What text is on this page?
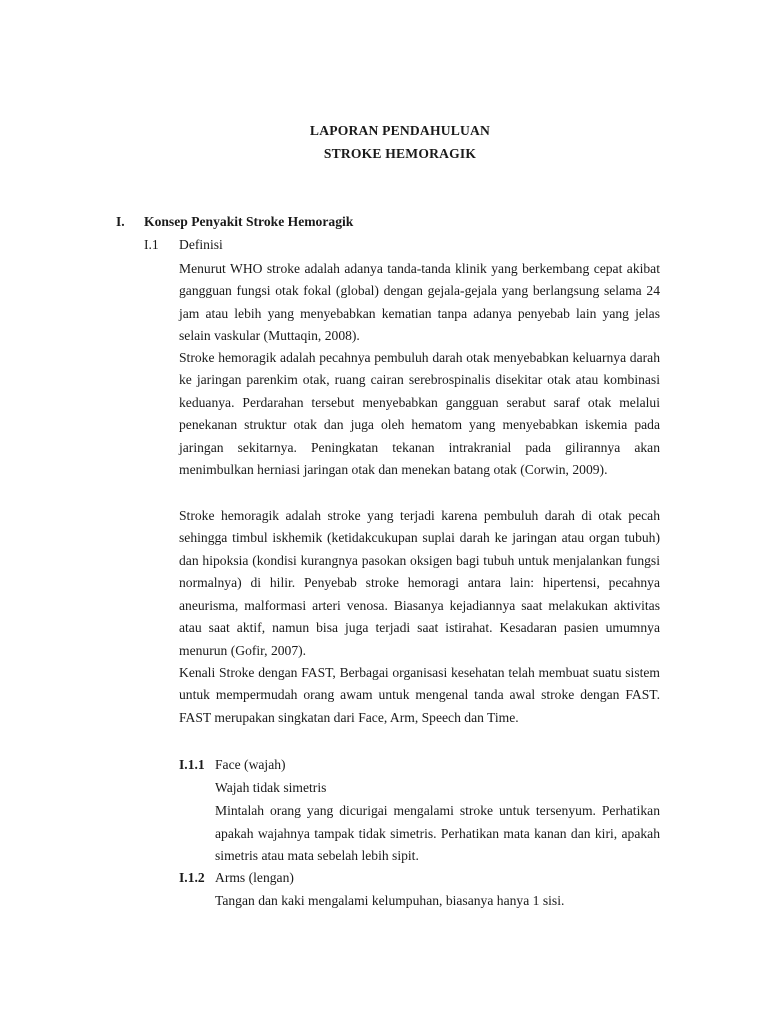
LAPORAN PENDAHULUAN
STROKE HEMORAGIK
I. Konsep Penyakit Stroke Hemoragik
I.1 Definisi
Menurut WHO stroke adalah adanya tanda-tanda klinik yang berkembang cepat akibat gangguan fungsi otak fokal (global) dengan gejala-gejala yang berlangsung selama 24 jam atau lebih yang menyebabkan kematian tanpa adanya penyebab lain yang jelas selain vaskular (Muttaqin, 2008).
Stroke hemoragik adalah pecahnya pembuluh darah otak menyebabkan keluarnya darah ke jaringan parenkim otak, ruang cairan serebrospinalis disekitar otak atau kombinasi keduanya. Perdarahan tersebut menyebabkan gangguan serabut saraf otak melalui penekanan struktur otak dan juga oleh hematom yang menyebabkan iskemia pada jaringan sekitarnya. Peningkatan tekanan intrakranial pada gilirannya akan menimbulkan herniasi jaringan otak dan menekan batang otak (Corwin, 2009).
Stroke hemoragik adalah stroke yang terjadi karena pembuluh darah di otak pecah sehingga timbul iskhemik (ketidakcukupan suplai darah ke jaringan atau organ tubuh) dan hipoksia (kondisi kurangnya pasokan oksigen bagi tubuh untuk menjalankan fungsi normalnya) di hilir. Penyebab stroke hemoragi antara lain: hipertensi, pecahnya aneurisma, malformasi arteri venosa. Biasanya kejadiannya saat melakukan aktivitas atau saat aktif, namun bisa juga terjadi saat istirahat. Kesadaran pasien umumnya menurun (Gofir, 2007).
Kenali Stroke dengan FAST, Berbagai organisasi kesehatan telah membuat suatu sistem untuk mempermudah orang awam untuk mengenal tanda awal stroke dengan FAST. FAST merupakan singkatan dari Face, Arm, Speech dan Time.
I.1.1 Face (wajah)
Wajah tidak simetris
Mintalah orang yang dicurigai mengalami stroke untuk tersenyum. Perhatikan apakah wajahnya tampak tidak simetris. Perhatikan mata kanan dan kiri, apakah simetris atau mata sebelah lebih sipit.
I.1.2 Arms (lengan)
Tangan dan kaki mengalami kelumpuhan, biasanya hanya 1 sisi.
